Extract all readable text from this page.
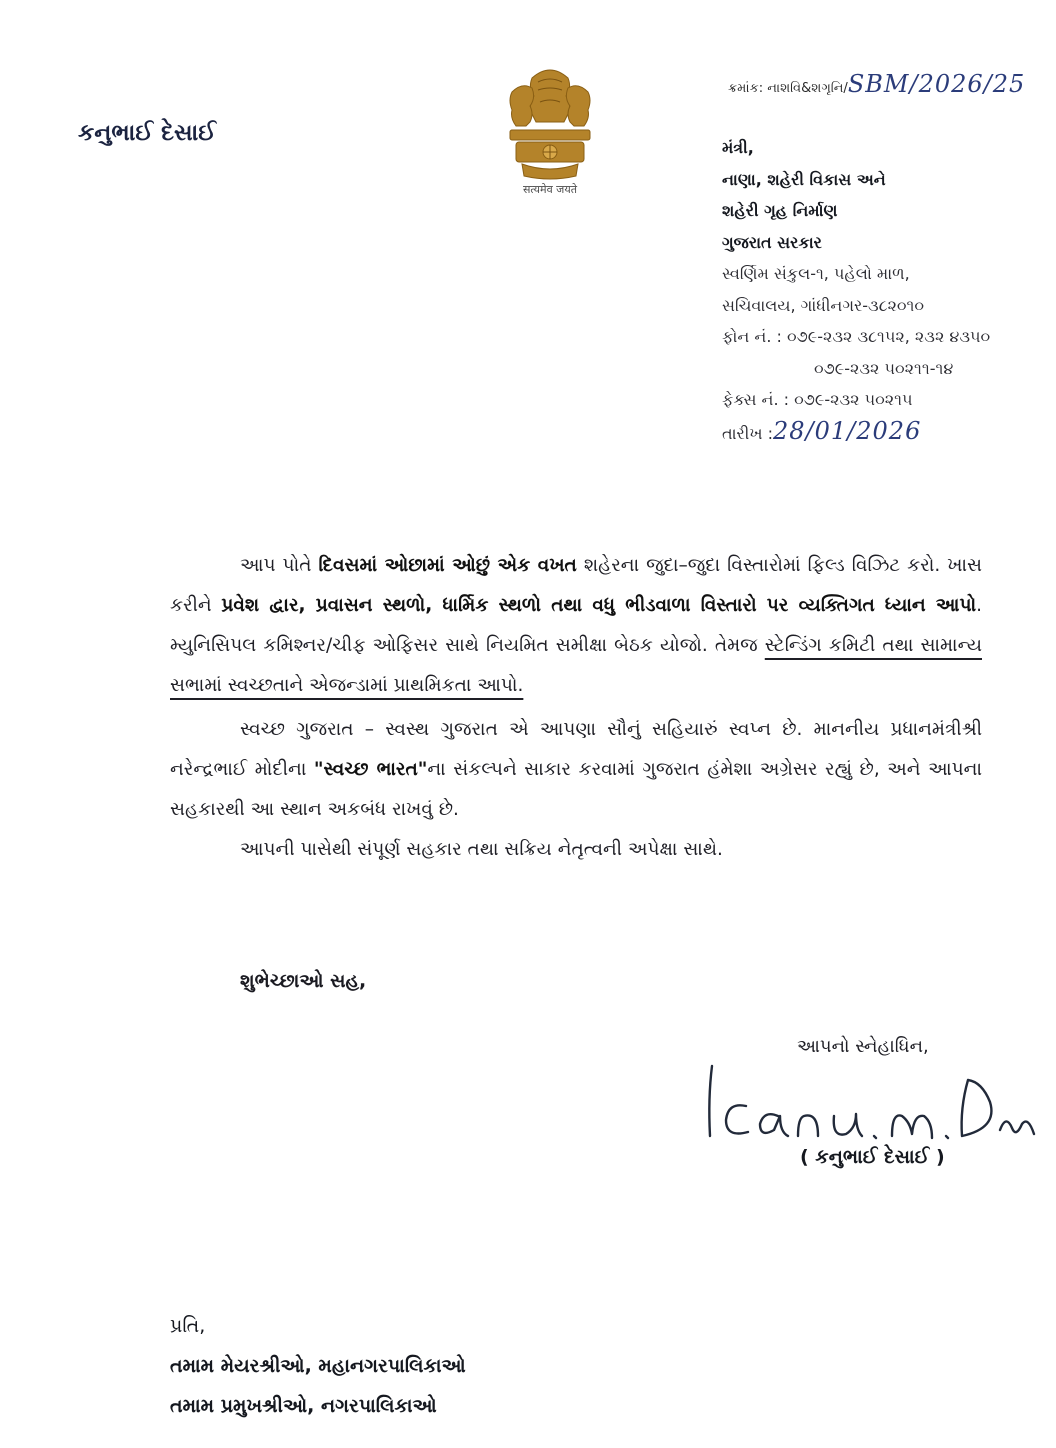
કનુભાઈ દેસાઈ
सत्यमेव जयते
ક્રમાંક: નાશવિ&શગૃનિ/SBM/2026/25
મંત્રી,
નાણા, શહેરી વિકાસ અને
શહેરી ગૃહ નિર્માણ
ગુજરાત સરકાર
સ્વર્ણિમ સંકુલ-૧, પહેલો માળ,
સચિવાલય, ગાંધીનગર-૩૮૨૦૧૦
ફોન નં. : ૦૭૯-૨૩૨ ૩૮૧૫૨, ૨૩૨ ૪૩૫૦
૦૭૯-૨૩૨ ૫૦૨૧૧-૧૪
ફેક્સ નં. : ૦૭૯-૨૩૨ ૫૦૨૧૫
તારીખ :28/01/2026

આપ પોતે દિવસમાં ઓછામાં ઓછું એક વખત શહેરના જુદા–જુદા વિસ્તારોમાં ફિલ્ડ વિઝિટ કરો. ખાસ કરીને પ્રવેશ દ્વાર, પ્રવાસન સ્થળો, ધાર્મિક સ્થળો તથા વધુ ભીડવાળા વિસ્તારો પર વ્યક્તિગત ધ્યાન આપો. મ્યુનિસિપલ કમિશ્નર/ચીફ ઓફિસર સાથે નિયમિત સમીક્ષા બેઠક યોજો. તેમજ સ્ટેન્ડિંગ કમિટી તથા સામાન્ય સભામાં સ્વચ્છતાને એજન્ડામાં પ્રાથમિકતા આપો.

સ્વચ્છ ગુજરાત – સ્વસ્થ ગુજરાત એ આપણા સૌનું સહિયારું સ્વપ્ન છે. માનનીય પ્રધાનમંત્રીશ્રી નરેન્દ્રભાઈ મોદીના "સ્વચ્છ ભારત"ના સંકલ્પને સાકાર કરવામાં ગુજરાત હંમેશા અગ્રેસર રહ્યું છે, અને આપના સહકારથી આ સ્થાન અકબંધ રાખવું છે.

આપની પાસેથી સંપૂર્ણ સહકાર તથા સક્રિય નેતૃત્વની અપેક્ષા સાથે.

શુભેચ્છાઓ સહ,
આપનો સ્નેહાધિન,
( કનુભાઈ દેસાઈ )
પ્રતિ,
તમામ મેયરશ્રીઓ, મહાનગરપાલિકાઓ
તમામ પ્રમુખશ્રીઓ, નગરપાલિકાઓ
